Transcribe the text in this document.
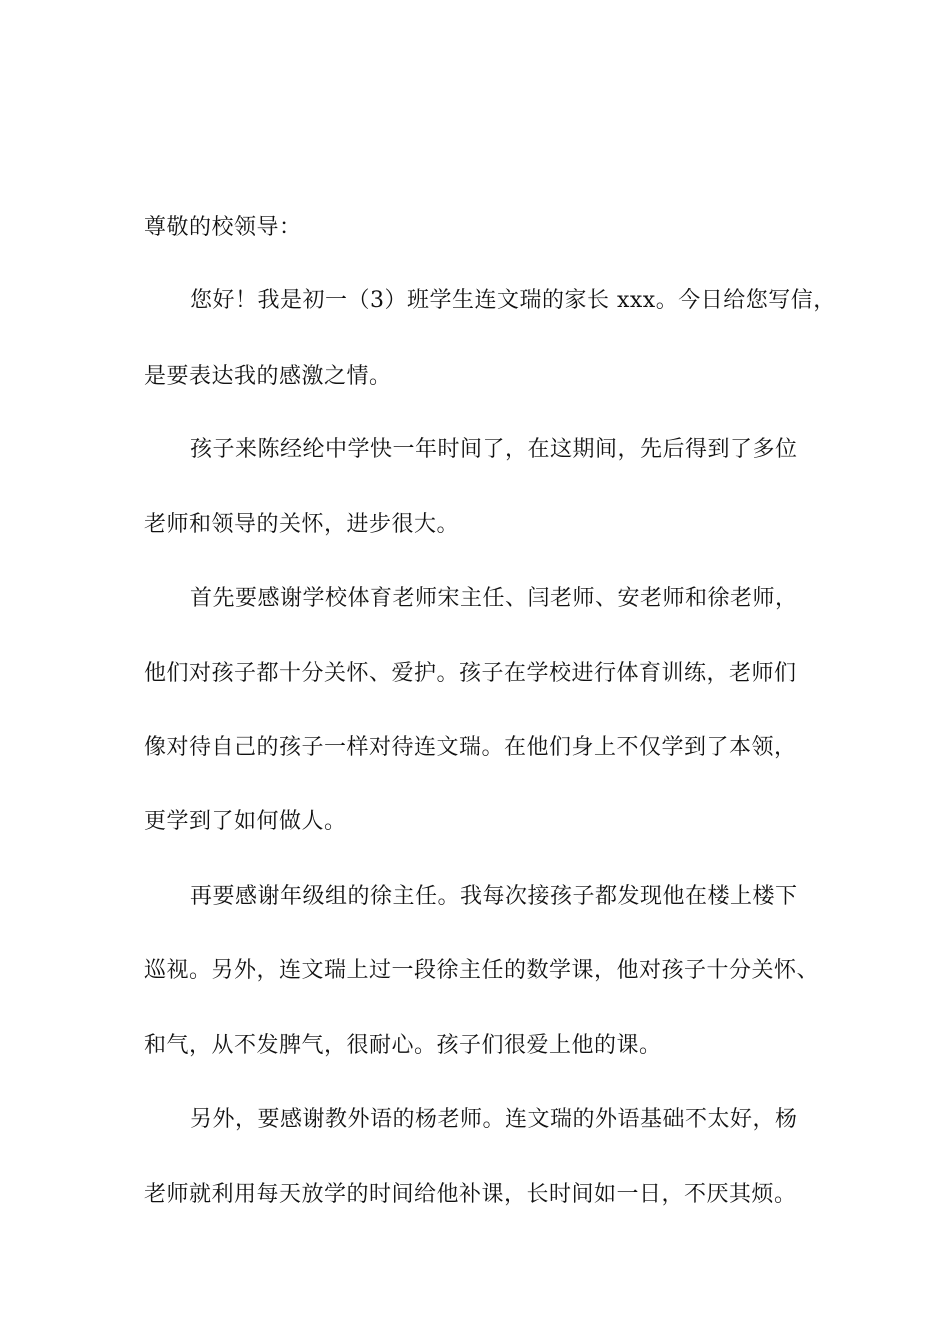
尊敬的校领导：
您好！我是初一（3）班学生连文瑞的家长 xxx。今日给您写信，
是要表达我的感激之情。
孩子来陈经纶中学快一年时间了，在这期间，先后得到了多位
老师和领导的关怀，进步很大。
首先要感谢学校体育老师宋主任、闫老师、安老师和徐老师，
他们对孩子都十分关怀、爱护。孩子在学校进行体育训练，老师们
像对待自己的孩子一样对待连文瑞。在他们身上不仅学到了本领，
更学到了如何做人。
再要感谢年级组的徐主任。我每次接孩子都发现他在楼上楼下
巡视。另外，连文瑞上过一段徐主任的数学课，他对孩子十分关怀、
和气，从不发脾气，很耐心。孩子们很爱上他的课。
另外，要感谢教外语的杨老师。连文瑞的外语基础不太好，杨
老师就利用每天放学的时间给他补课，长时间如一日，不厌其烦。
